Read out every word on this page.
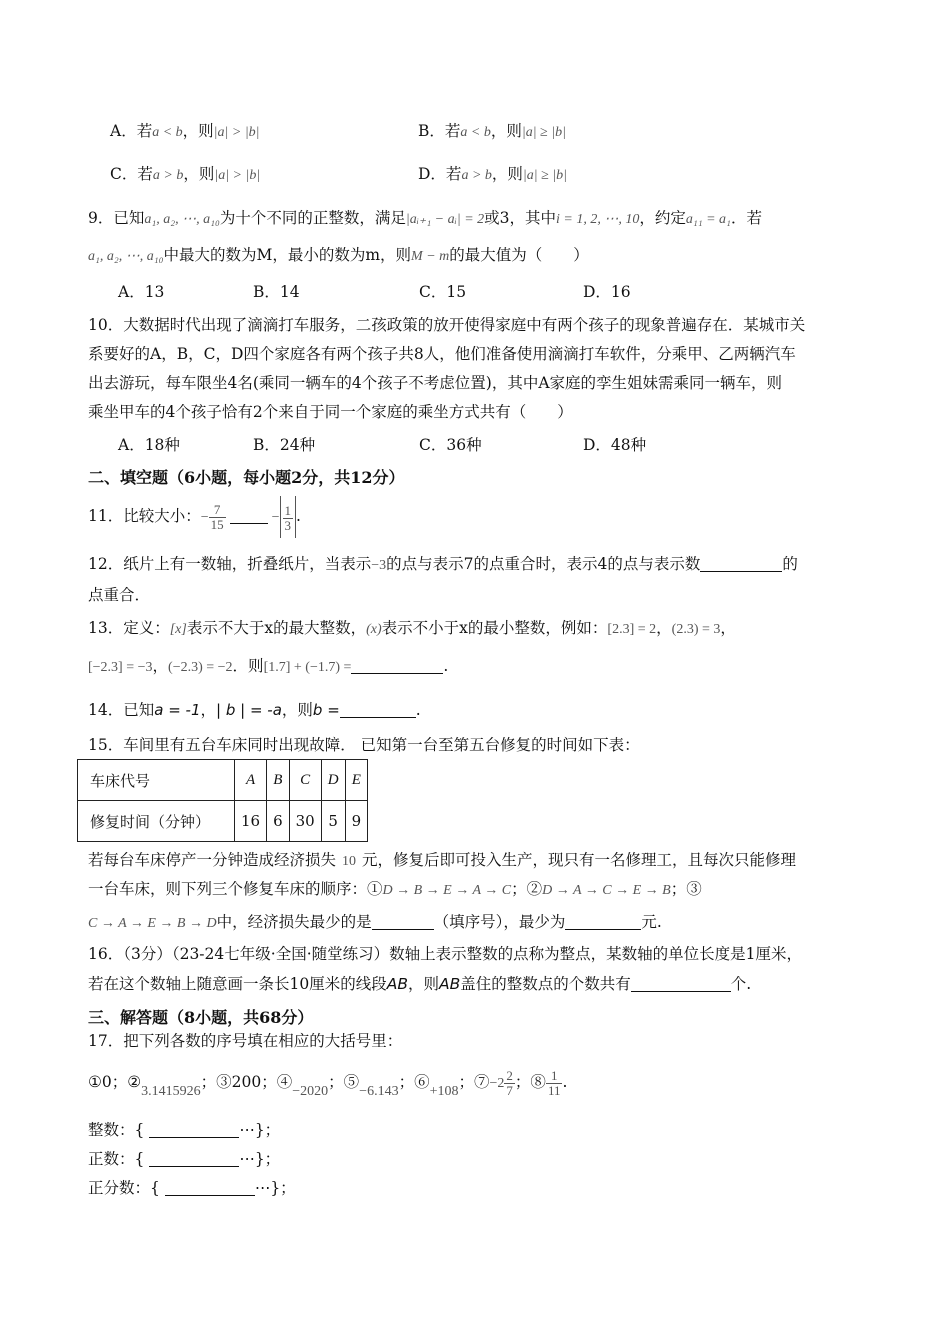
A．若a < b，则|a| > |b|	B．若a < b，则|a| ≥ |b|
C．若a > b，则|a| > |b|	D．若a > b，则|a| ≥ |b|
9．已知a₁, a₂, ⋯, a₁₀为十个不同的正整数，满足|aᵢ₊₁ − aᵢ| = 2或3，其中i = 1, 2, ⋯, 10，约定a₁₁ = a₁．若
a₁, a₂, ⋯, a₁₀中最大的数为M，最小的数为m，则M − m的最大值为（　　）
A．13	B．14	C．15	D．16
10．大数据时代出现了滴滴打车服务，二孩政策的放开使得家庭中有两个孩子的现象普遍存在．某城市关
系要好的A，B，C，D四个家庭各有两个孩子共8人，他们准备使用滴滴打车软件，分乘甲、乙两辆汽车
出去游玩，每车限坐4名(乘同一辆车的4个孩子不考虑位置)，其中A家庭的孪生姐妹需乘同一辆车，则
乘坐甲车的4个孩子恰有2个来自于同一个家庭的乘坐方式共有（　　）
A．18种	B．24种	C．36种	D．48种
二、填空题（6小题，每小题2分，共12分）
11．比较大小：− $\frac{7}{15}$	− $\frac{1}{3}$ .
12．纸片上有一数轴，折叠纸片，当表示−3的点与表示7的点重合时，表示4的点与表示数	的
点重合．
13．定义：[x]表示不大于x的最大整数，(x)表示不小于x的最小整数，例如：[2.3] = 2，(2.3) = 3，
[−2.3] = −3，(−2.3) = −2．则[1.7] + (−1.7) =	.
14．已知a = -1，| b | = -a，则b =	.
15．车间里有五台车床同时出现故障． 已知第一台至第五台修复的时间如下表：
车床代号	A	B	C	D	E
修复时间（分钟）	16	6	30	5	9
若每台车床停产一分钟造成经济损失 10 元，修复后即可投入生产，现只有一名修理工，且每次只能修理
一台车床，则下列三个修复车床的顺序：①D → B → E → A → C；②D → A → C → E → B；③
C → A → E → B → D中，经济损失最少的是	（填序号），最少为	元.
16．（3分）（23-24七年级·全国·随堂练习）数轴上表示整数的点称为整点，某数轴的单位长度是1厘米，
若在这个数轴上随意画一条长10厘米的线段AB，则AB盖住的整数点的个数共有	个.
三、解答题（8小题，共68分）
17．把下列各数的序号填在相应的大括号里：
①0；②3.1415926；③200；④−2020；⑤−6.143；⑥+108；⑦−2 $\frac{2}{7}$ ；⑧ $\frac{1}{11}$ .
整数：{	⋯}；
正数：{	⋯}；
正分数：{	⋯}；
